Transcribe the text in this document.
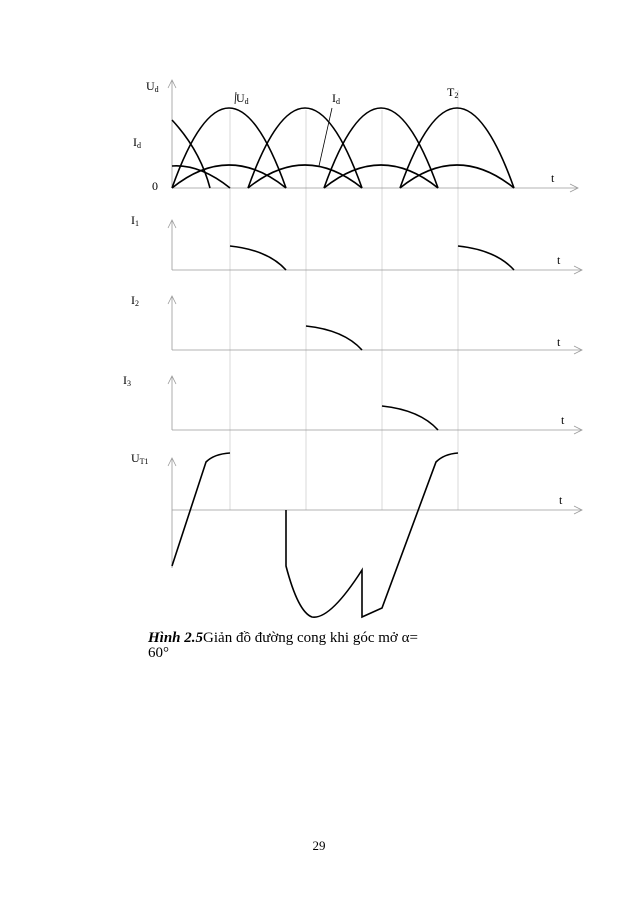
$U_d$
$I_d$
0
t
$U_d$	$I_d$
$T_2$
$I_1$
t
$I_2$
t
$I_3$
t
$U_{T1}$
t
Hình 2.5Giản đồ đường cong khi góc mở α=
60°
29
